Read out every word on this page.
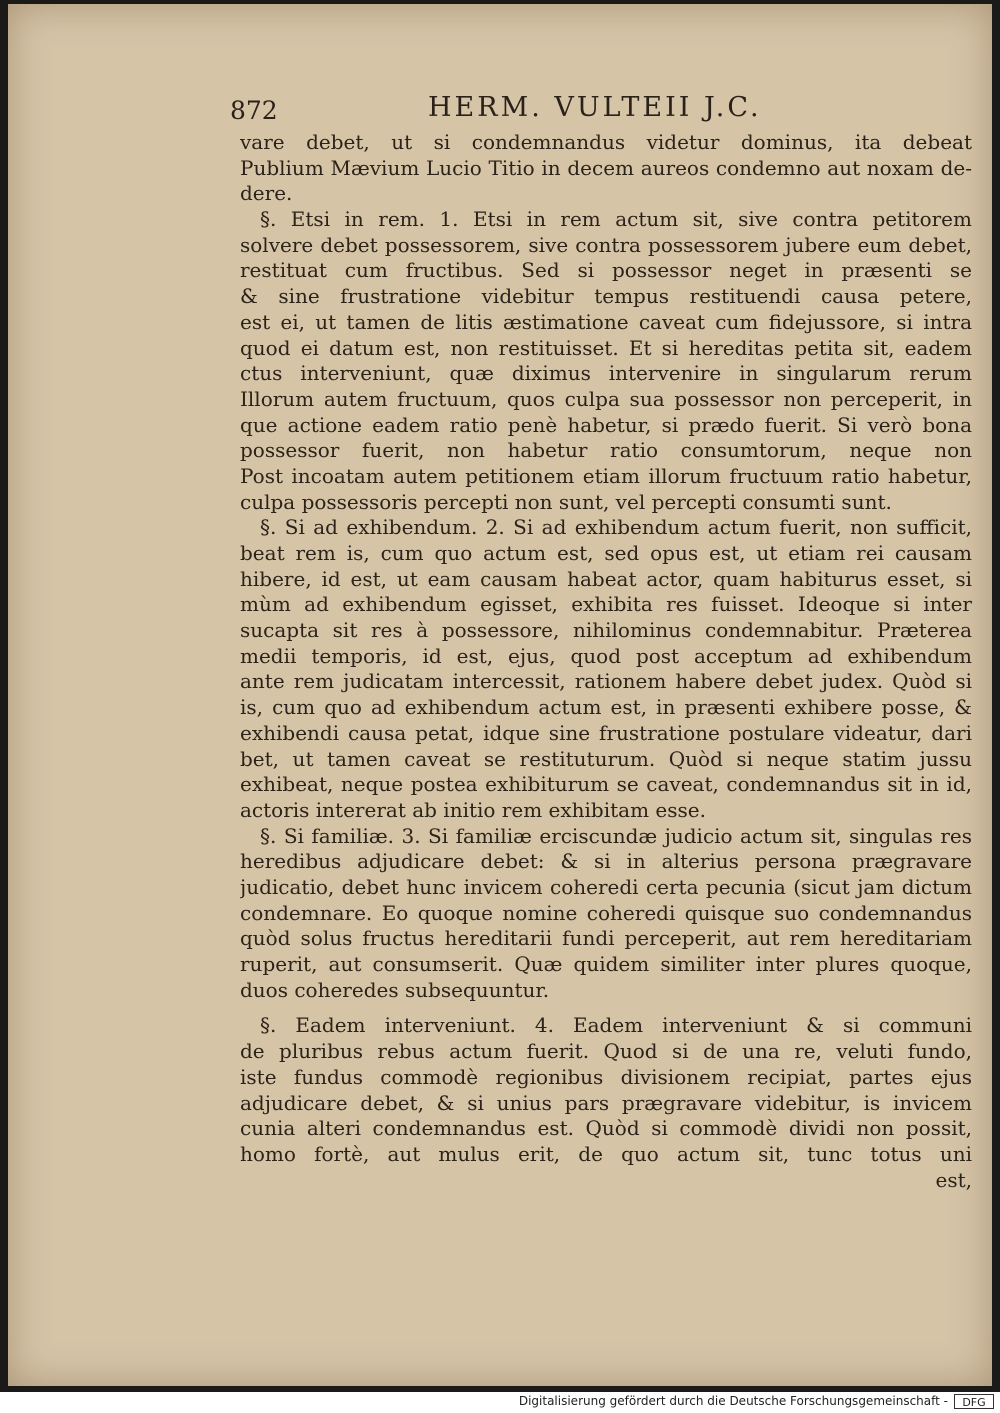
872	HERM. VULTEII J.C.
vare debet, ut si condemnandus videtur dominus, ita debeat
Publium Mævium Lucio Titio in decem aureos condemno aut noxam de-
dere.
§. Etsi in rem. 1. Etsi in rem actum sit, sive contra petitorem
solvere debet possessorem, sive contra possessorem jubere eum debet,
restituat cum fructibus. Sed si possessor neget in præsenti se
& sine frustratione videbitur tempus restituendi causa petere,
est ei, ut tamen de litis æstimatione caveat cum fidejussore, si intra
quod ei datum est, non restituisset. Et si hereditas petita sit, eadem
ctus interveniunt, quæ diximus intervenire in singularum rerum
Illorum autem fructuum, quos culpa sua possessor non perceperit, in
que actione eadem ratio penè habetur, si prædo fuerit. Si verò bona
possessor fuerit, non habetur ratio consumtorum, neque non
Post incoatam autem petitionem etiam illorum fructuum ratio habetur,
culpa possessoris percepti non sunt, vel percepti consumti sunt.
§. Si ad exhibendum. 2. Si ad exhibendum actum fuerit, non sufficit,
beat rem is, cum quo actum est, sed opus est, ut etiam rei causam
hibere, id est, ut eam causam habeat actor, quam habiturus esset, si
mùm ad exhibendum egisset, exhibita res fuisset. Ideoque si inter
sucapta sit res à possessore, nihilominus condemnabitur. Præterea
medii temporis, id est, ejus, quod post acceptum ad exhibendum
ante rem judicatam intercessit, rationem habere debet judex. Quòd si
is, cum quo ad exhibendum actum est, in præsenti exhibere posse, &
exhibendi causa petat, idque sine frustratione postulare videatur, dari
bet, ut tamen caveat se restituturum. Quòd si neque statim jussu
exhibeat, neque postea exhibiturum se caveat, condemnandus sit in id,
actoris intererat ab initio rem exhibitam esse.
§. Si familiæ. 3. Si familiæ erciscundæ judicio actum sit, singulas res
heredibus adjudicare debet: & si in alterius persona prægravare
judicatio, debet hunc invicem coheredi certa pecunia (sicut jam dictum
condemnare. Eo quoque nomine coheredi quisque suo condemnandus
quòd solus fructus hereditarii fundi perceperit, aut rem hereditariam
ruperit, aut consumserit. Quæ quidem similiter inter plures quoque,
duos coheredes subsequuntur.
§. Eadem interveniunt. 4. Eadem interveniunt & si communi
de pluribus rebus actum fuerit. Quod si de una re, veluti fundo,
iste fundus commodè regionibus divisionem recipiat, partes ejus
adjudicare debet, & si unius pars prægravare videbitur, is invicem
cunia alteri condemnandus est. Quòd si commodè dividi non possit,
homo fortè, aut mulus erit, de quo actum sit, tunc totus uni
est,
Digitalisierung gefördert durch die Deutsche Forschungsgemeinschaft -	DFG
